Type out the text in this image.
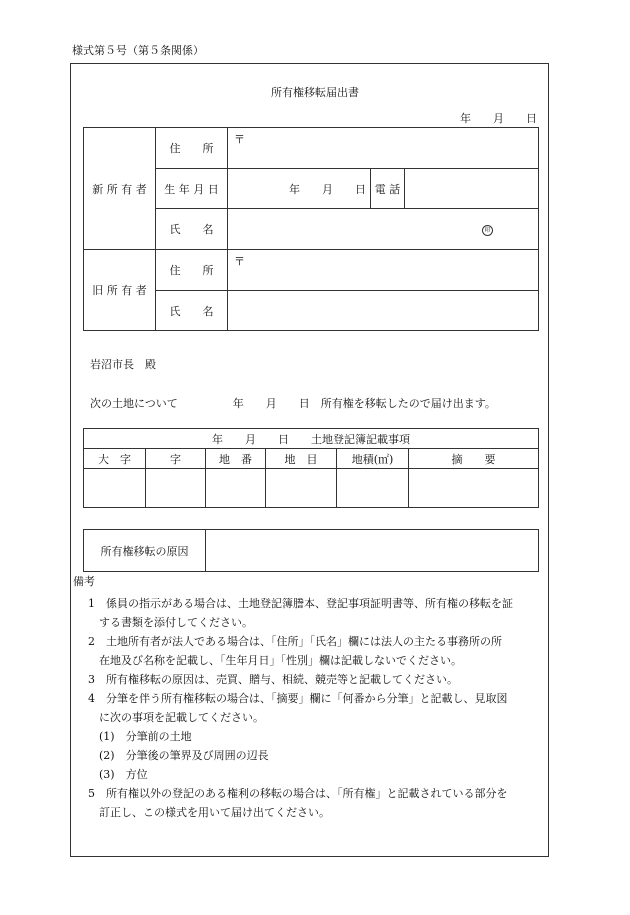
様式第５号（第５条関係）
所有権移転届出書
年　　月　　日
新 所 有 者	住　　所	〒		
	生 年 月 日	年　　月　　日	電 話	
	氏　　名	印		
旧 所 有 者	住　　所	〒		
	氏　　名			
岩沼市長　殿
次の土地について　　　　　年　　月　　日　所有権を移転したので届け出ます。
年　　月　　日　　土地登記簿記載事項					
大　字	字	地　番	地　目	地積(㎡)	摘　　要

所有権移転の原因	
備考
1　係員の指示がある場合は、土地登記簿謄本、登記事項証明書等、所有権の移転を証
　する書類を添付してください。
2　土地所有者が法人である場合は、「住所」「氏名」欄には法人の主たる事務所の所
　在地及び名称を記載し、「生年月日」「性別」欄は記載しないでください。
3　所有権移転の原因は、売買、贈与、相続、競売等と記載してください。
4　分筆を伴う所有権移転の場合は、「摘要」欄に「何番から分筆」と記載し、見取図
　に次の事項を記載してください。
　(1)　分筆前の土地
　(2)　分筆後の筆界及び周囲の辺長
　(3)　方位
5　所有権以外の登記のある権利の移転の場合は、「所有権」と記載されている部分を
　訂正し、この様式を用いて届け出てください。
